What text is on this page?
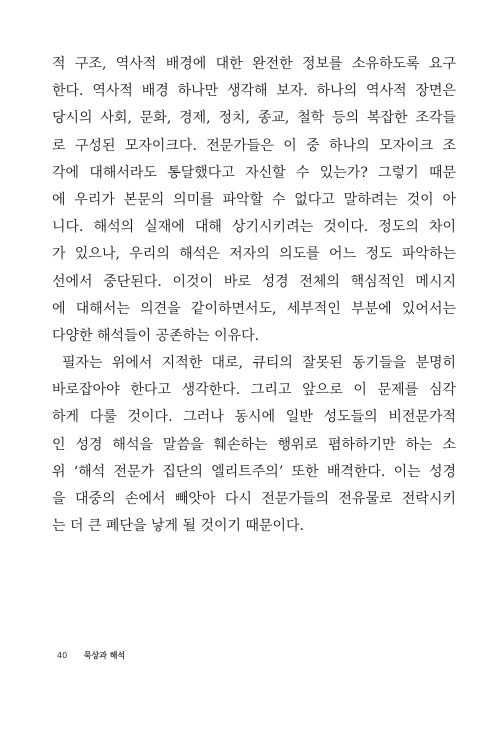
적 구조, 역사적 배경에 대한 완전한 정보를 소유하도록 요구
한다. 역사적 배경 하나만 생각해 보자. 하나의 역사적 장면은
당시의 사회, 문화, 경제, 정치, 종교, 철학 등의 복잡한 조각들
로 구성된 모자이크다. 전문가들은 이 중 하나의 모자이크 조
각에 대해서라도 통달했다고 자신할 수 있는가? 그렇기 때문
에 우리가 본문의 의미를 파악할 수 없다고 말하려는 것이 아
니다. 해석의 실재에 대해 상기시키려는 것이다. 정도의 차이
가 있으나, 우리의 해석은 저자의 의도를 어느 정도 파악하는
선에서 중단된다. 이것이 바로 성경 전체의 핵심적인 메시지
에 대해서는 의견을 같이하면서도, 세부적인 부분에 있어서는
다양한 해석들이 공존하는 이유다.
필자는 위에서 지적한 대로, 큐티의 잘못된 동기들을 분명히
바로잡아야 한다고 생각한다. 그리고 앞으로 이 문제를 심각
하게 다룰 것이다. 그러나 동시에 일반 성도들의 비전문가적
인 성경 해석을 말씀을 훼손하는 행위로 폄하하기만 하는 소
위 ‘해석 전문가 집단의 엘리트주의’ 또한 배격한다. 이는 성경
을 대중의 손에서 빼앗아 다시 전문가들의 전유물로 전락시키
는 더 큰 폐단을 낳게 될 것이기 때문이다.
40 묵상과 해석
